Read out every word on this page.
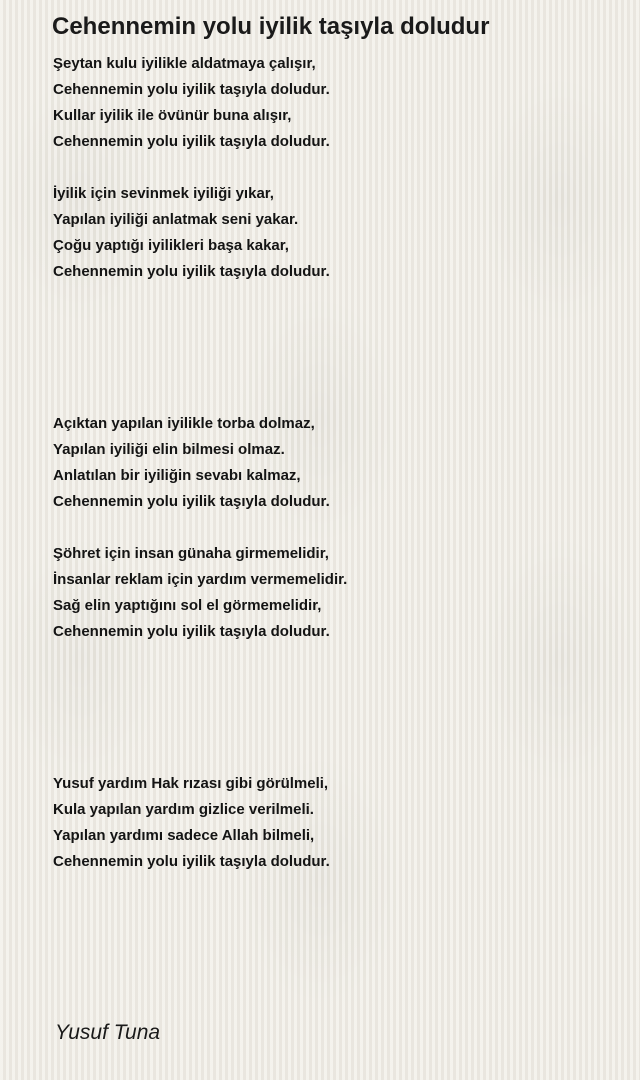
Cehennemin yolu iyilik taşıyla doludur
Şeytan kulu iyilikle aldatmaya çalışır,
Cehennemin yolu iyilik taşıyla doludur.
Kullar iyilik ile övünür buna alışır,
Cehennemin yolu iyilik taşıyla doludur.
İyilik için sevinmek iyiliği yıkar,
Yapılan iyiliği anlatmak seni yakar.
Çoğu yaptığı iyilikleri başa kakar,
Cehennemin yolu iyilik taşıyla doludur.
Açıktan yapılan iyilikle torba dolmaz,
Yapılan iyiliği elin bilmesi olmaz.
Anlatılan bir iyiliğin sevabı kalmaz,
Cehennemin yolu iyilik taşıyla doludur.
Şöhret için insan günaha girmemelidir,
İnsanlar reklam için yardım vermemelidir.
Sağ elin yaptığını sol el görmemelidir,
Cehennemin yolu iyilik taşıyla doludur.
Yusuf yardım Hak rızası gibi görülmeli,
Kula yapılan yardım gizlice verilmeli.
Yapılan yardımı sadece Allah bilmeli,
Cehennemin yolu iyilik taşıyla doludur.
Yusuf Tuna
